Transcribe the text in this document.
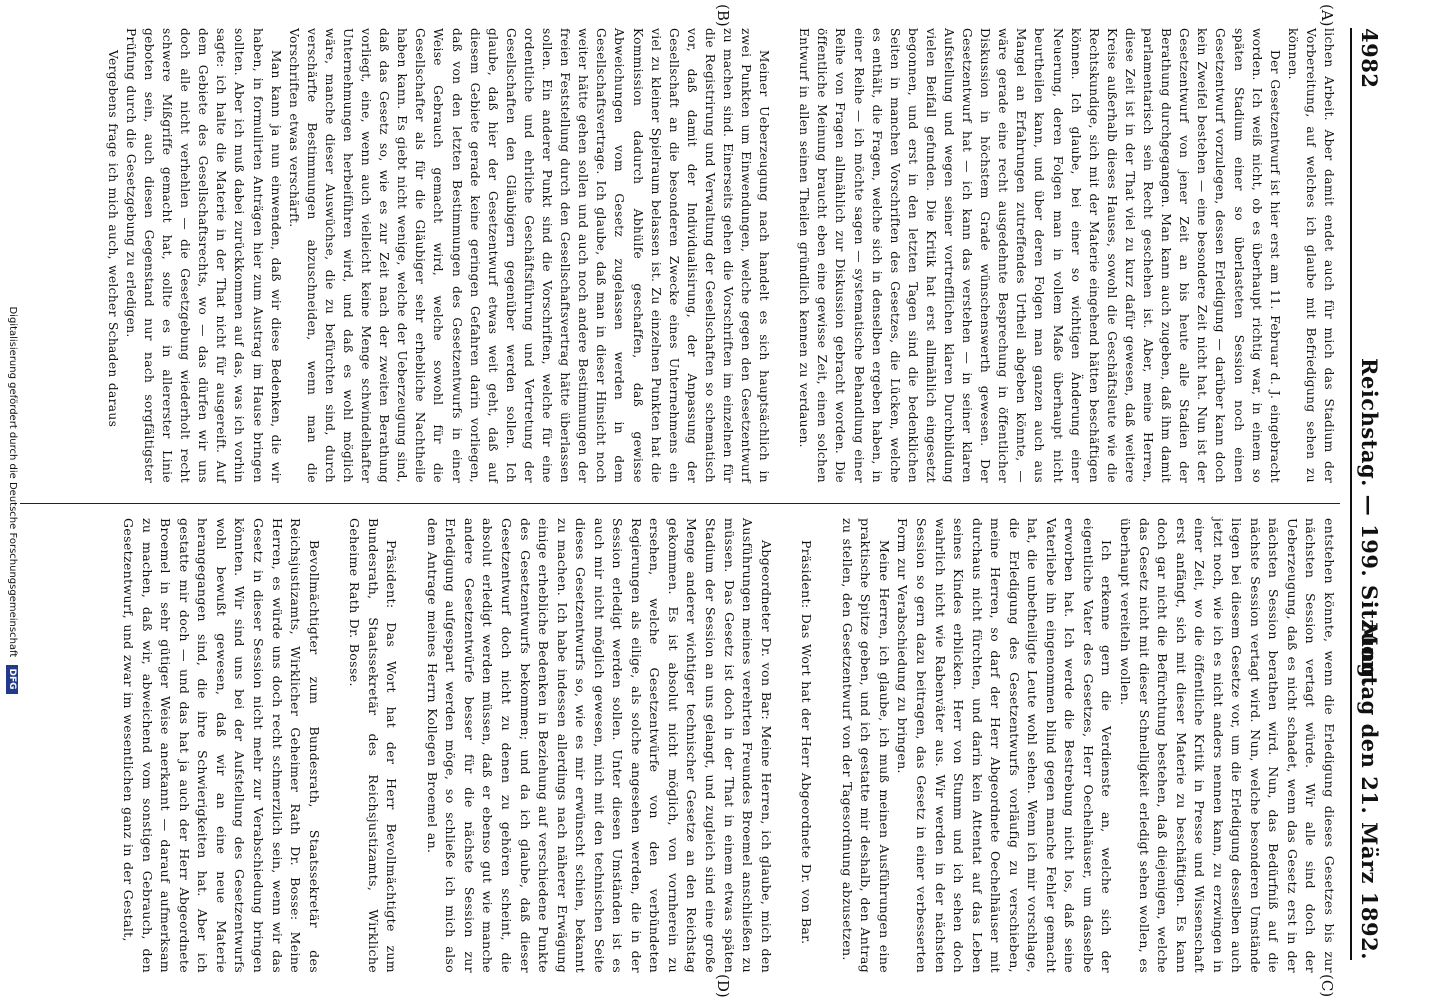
4982
Reichstag. — 199. Sitzung.
Montag den 21. März 1892.
(A)
(B)
(C)
(D)

lichen Arbeit. Aber damit endet auch für mich das Stadium der Vorbereitung, auf welches ich glaube mit Befriedigung sehen zu können.

Der Gesetzentwurf ist hier erst am 11. Februar d. J. eingebracht worden. Ich weiß nicht, ob es überhaupt richtig war, in einem so späten Stadium einer so überlasteten Session noch einen Gesetzentwurf vorzulegen, dessen Erledigung — darüber kann doch kein Zweifel bestehen — eine besondere Zeit nicht hat. Nun ist der Gesetzentwurf von jener Zeit an bis heute alle Stadien der Berathung durchgegangen. Man kann auch zugeben, daß ihm damit parlamentarisch sein Recht geschehen ist. Aber, meine Herren, diese Zeit ist in der That viel zu kurz dafür gewesen, daß weitere Kreise außerhalb dieses Hauses, sowohl die Geschäftsleute wie die Rechtskundige, sich mit der Materie eingehend hätten beschäftigen können. Ich glaube, bei einer so wichtigen Änderung einer Neuerung, deren Folgen man in vollem Maße überhaupt nicht beurtheilen kann, und über deren Folgen man ganzen auch aus Mangel an Erfahrungen zutreffendes Urtheil abgeben könnte, — wäre gerade eine recht ausgedehnte Besprechung in öffentlicher Diskussion in höchstem Grade wünschenswerth gewesen. Der Gesetzentwurf hat — ich kann das verstehen — in seiner klaren Aufstellung und wegen seiner vortrefflichen klaren Durchbildung vielen Beifall gefunden. Die Kritik hat erst allmählich eingesetzt begonnen, und erst in den letzten Tagen sind die bedenklichen Seiten in manchen Vorschriften des Gesetzes, die Lücken, welche es enthält, die Fragen, welche sich in denselben ergeben haben, in einer Reihe — ich möchte sagen — systematische Behandlung einer Reihe von Fragen allmählich zur Diskussion gebracht worden. Die öffentliche Meinung braucht eben eine gewisse Zeit, einen solchen Entwurf in allen seinen Theilen gründlich kennen zu verdauen.

Meiner Ueberzeugung nach handelt es sich hauptsächlich in zwei Punkten um Einwendungen, welche gegen den Gesetzentwurf zu machen sind. Einerseits gehen die Vorschriften im einzelnen für die Registrirung und Verwaltung der Gesellschaften so schematisch vor, daß damit der Individualisirung, der Anpassung der Gesellschaft an die besonderen Zwecke eines Unternehmens ein viel zu kleiner Spielraum belassen ist. Zu einzelnen Punkten hat die Kommission dadurch Abhülfe geschaffen, daß gewisse Abweichungen vom Gesetz zugelassen werden in dem Gesellschaftsvertrage. Ich glaube, daß man in dieser Hinsicht noch weiter hätte gehen sollen und auch noch andere Bestimmungen der freien Feststellung durch den Gesellschaftsvertrag hätte überlassen sollen. Ein anderer Punkt sind die Vorschriften, welche für eine ordentliche und ehrliche Geschäftsführung und Vertretung der Gesellschaften den Gläubigern gegenüber werden sollen. Ich glaube, daß hier der Gesetzentwurf etwas weit geht, daß auf diesem Gebiete gerade keine geringen Gefahren darin vorliegen, daß von den letzten Bestimmungen des Gesetzentwurfs in einer Weise Gebrauch gemacht wird, welche sowohl für die Gesellschafter als für die Gläubiger sehr erhebliche Nachtheile haben kann. Es giebt nicht wenige, welche der Ueberzeugung sind, daß das Gesetz so, wie es zur Zeit nach der zweiten Berathung vorliegt, eine, wenn auch vielleicht keine Menge schwindelhafter Unternehmungen herbeiführen wird, und daß es wohl möglich wäre, manche dieser Auswüchse, die zu befürchten sind, durch verschärfte Bestimmungen abzuschneiden, wenn man die Vorschriften etwas verschärft.

Man kann ja nun einwenden, daß wir diese Bedenken, die wir haben, in formulirten Anträgen hier zum Austrag im Hause bringen sollten. Aber ich muß dabei zurückkommen auf das, was ich vorhin sagte: ich halte die Materie in der That nicht für ausgereift. Auf dem Gebiete des Gesellschaftsrechts, wo — das dürfen wir uns doch alle nicht verhehlen — die Gesetzgebung wiederholt recht schwere Mißgriffe gemacht hat, sollte es in allererster Linie geboten sein, auch diesen Gegenstand nur nach sorgfältigster Prüfung durch die Gesetzgebung zu erledigen.

Vergebens frage ich mich auch, welcher Schaden daraus

entstehen könnte, wenn die Erledigung dieses Gesetzes bis zur nächsten Session vertagt würde. Wir alle sind doch der Ueberzeugung, daß es nicht schadet, wenn das Gesetz erst in der nächsten Session berathen wird. Nun, das Bedürfniß auf die nächste Session vertagt wird. Nun, welche besonderen Umstände liegen bei diesem Gesetze vor, um die Erledigung desselben auch jetzt noch, wie ich es nicht anders nennen kann, zu erzwingen in einer Zeit, wo die öffentliche Kritik in Presse und Wissenschaft erst anfängt, sich mit dieser Materie zu beschäftigen. Es kann doch gar nicht die Befürchtung bestehen, daß diejenigen, welche das Gesetz nicht mit dieser Schnelligkeit erledigt sehen wollen, es überhaupt vereiteln wollen.

Ich erkenne gern die Verdienste an, welche sich der eigentliche Vater des Gesetzes, Herr Oechelhäuser, um dasselbe erworben hat. Ich werde die Bestrebung nicht los, daß seine Vaterliebe ihn eingenommen blind gegen manche Fehler gemacht hat, die unbetheiligte Leute wohl sehen. Wenn ich mir vorschlage, die Erledigung des Gesetzentwurfs vorläufig zu verschieben, meine Herren, so darf der Herr Abgeordnete Oechelhäuser mit durchaus nicht fürchten, und darin kein Attentat auf das Leben seines Kindes erblicken. Herr von Stumm und ich sehen doch wahrlich nicht wie Rabenväter aus. Wir werden in der nächsten Session so gern dazu beitragen, das Gesetz in einer verbesserten Form zur Verabschiedung zu bringen.

Meine Herren, ich glaube, ich muß meinen Ausführungen eine praktische Spitze geben, und ich gestatte mir deshalb, den Antrag zu stellen, den Gesetzentwurf von der Tagesordnung abzusetzen.

Präsident: Das Wort hat der Herr Abgeordnete Dr. von Bar.

Abgeordneter Dr. von Bar: Meine Herren, ich glaube, mich den Ausführungen meines verehrten Freundes Broemel anschließen zu müssen. Das Gesetz ist doch in der That in einem etwas späten Stadium der Session an uns gelangt, und zugleich sind eine große Menge anderer wichtiger technischer Gesetze an den Reichstag gekommen. Es ist absolut nicht möglich, von vornherein zu ersehen, welche Gesetzentwürfe von den verbündeten Regierungen als eilige, als solche angesehen werden, die in der Session erledigt werden sollen. Unter diesen Umständen ist es auch mir nicht möglich gewesen, mich mit den technischen Seite dieses Gesetzentwurfs so, wie es mir erwünscht schien, bekannt zu machen. Ich habe indessen allerdings nach näherer Erwägung einige erhebliche Bedenken in Beziehung auf verschiedene Punkte des Gesetzentwurfs bekommen; und da ich glaube, daß dieser Gesetzentwurf doch nicht zu denen zu gehören scheint, die absolut erledigt werden müssen, daß er ebenso gut wie manche andere Gesetzentwürfe besser für die nächste Session zur Erledigung aufgespart werden möge, so schließe ich mich also dem Antrage meines Herrn Kollegen Broemel an.

Präsident: Das Wort hat der Herr Bevollmächtigte zum Bundesrath, Staatssekretär des Reichsjustizamts, Wirkliche Geheime Rath Dr. Bosse.

Bevollmächtigter zum Bundesrath, Staatssekretär des Reichsjustizamts, Wirklicher Geheimer Rath Dr. Bosse: Meine Herren, es würde uns doch recht schmerzlich sein, wenn wir das Gesetz in dieser Session nicht mehr zur Verabschiedung bringen könnten. Wir sind uns bei der Aufstellung des Gesetzentwurfs wohl bewußt gewesen, daß wir an eine neue Materie herangegangen sind, die ihre Schwierigkeiten hat. Aber ich gestatte mir doch — und das hat ja auch der Herr Abgeordnete Broemel in sehr gütiger Weise anerkannt — darauf aufmerksam zu machen, daß wir, abweichend vom sonstigen Gebrauch, den Gesetzentwurf, und zwar im wesentlichen ganz in der Gestalt,

Digitalisierung gefördert durch die Deutsche Forschungsgemeinschaft DFG
